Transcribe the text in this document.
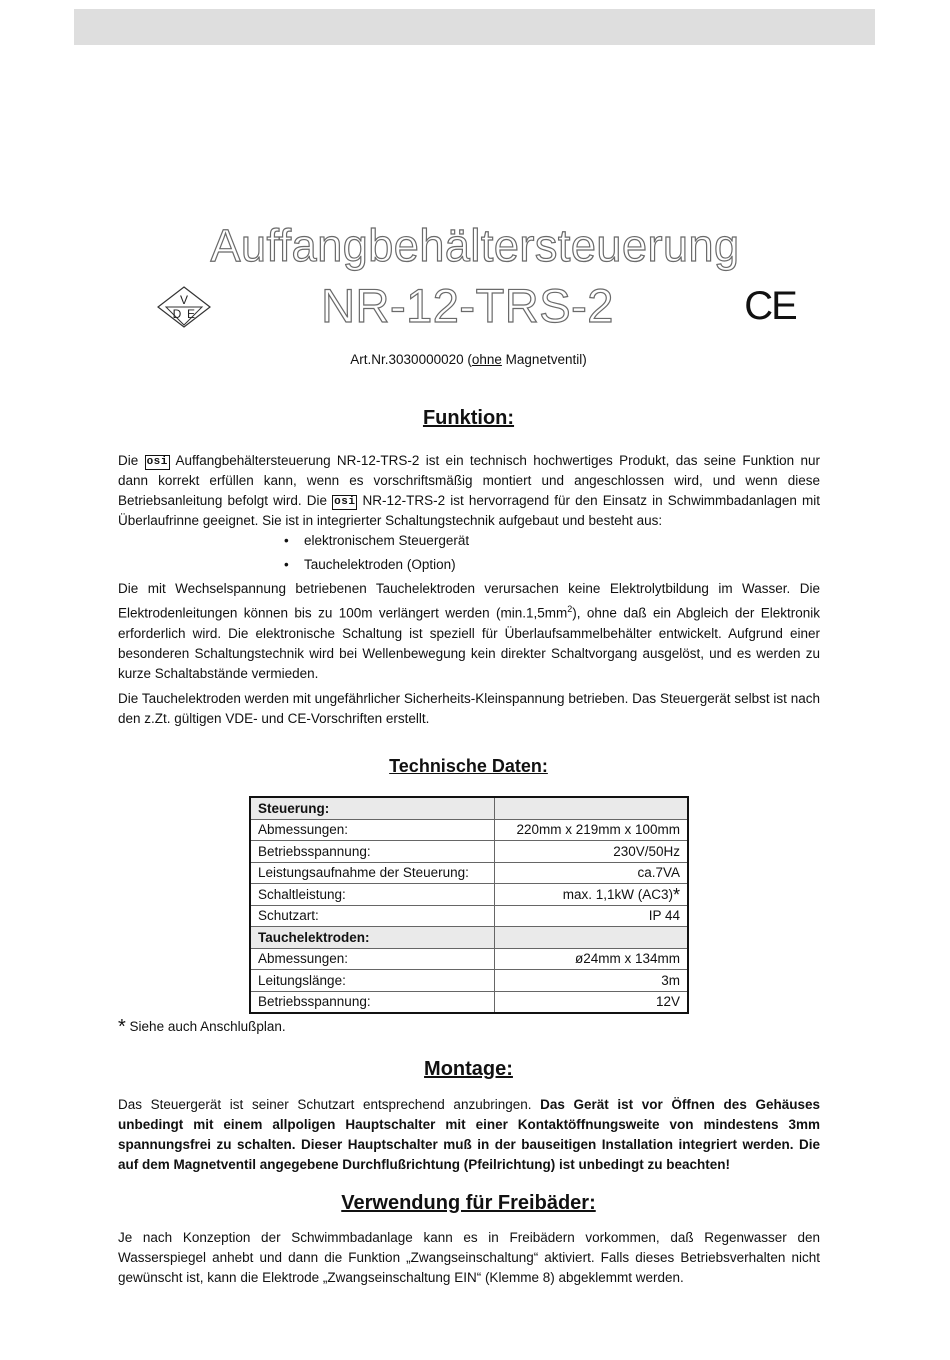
Auffangbehältersteuerung
V
D E	NR-12-TRS-2	CE
Art.Nr.3030000020 (ohne Magnetventil)
Funktion:

Die osi Auffangbehältersteuerung NR-12-TRS-2 ist ein technisch hochwertiges Produkt, das seine Funktion nur dann korrekt erfüllen kann, wenn es vorschriftsmäßig montiert und angeschlossen wird, und wenn diese Betriebsanleitung befolgt wird. Die osi NR-12-TRS-2 ist hervorragend für den Einsatz in Schwimmbadanlagen mit Überlaufrinne geeignet. Sie ist in integrierter Schaltungstechnik aufgebaut und besteht aus:

• elektronischem Steuergerät
• Tauchelektroden (Option)

Die mit Wechselspannung betriebenen Tauchelektroden verursachen keine Elektrolytbildung im Wasser. Die Elektrodenleitungen können bis zu 100m verlängert werden $(\min.1,5mm^2)$, ohne daß ein Abgleich der Elektronik erforderlich wird. Die elektronische Schaltung ist speziell für Überlaufsammelbehälter entwickelt. Aufgrund einer besonderen Schaltungstechnik wird bei Wellenbewegung kein direkter Schaltvorgang ausgelöst, und es werden zu kurze Schaltabstände vermieden.

Die Tauchelektroden werden mit ungefährlicher Sicherheits-Kleinspannung betrieben. Das Steuergerät selbst ist nach den z.Zt. gültigen VDE- und CE-Vorschriften erstellt.

Technische Daten:
Steuerung:	
Abmessungen:	220mm x 219mm x 100mm
Betriebsspannung:	230V/50Hz
Leistungsaufnahme der Steuerung:	ca.7VA
Schaltleistung:	max. 1,1kW (AC3)*
Schutzart:	IP 44
Tauchelektroden:	
Abmessungen:	ø24mm x 134mm
Leitungslänge:	3m
Betriebsspannung:	12V
* Siehe auch Anschlußplan.
Montage:

Das Steuergerät ist seiner Schutzart entsprechend anzubringen. Das Gerät ist vor Öffnen des Gehäuses unbedingt mit einem allpoligen Hauptschalter mit einer Kontaktöffnungsweite von mindestens 3mm spannungsfrei zu schalten. Dieser Hauptschalter muß in der bauseitigen Installation integriert werden. Die auf dem Magnetventil angegebene Durchflußrichtung (Pfeilrichtung) ist unbedingt zu beachten!

Verwendung für Freibäder:

Je nach Konzeption der Schwimmbadanlage kann es in Freibädern vorkommen, daß Regenwasser den Wasserspiegel anhebt und dann die Funktion „Zwangseinschaltung“ aktiviert. Falls dieses Betriebsverhalten nicht gewünscht ist, kann die Elektrode „Zwangseinschaltung EIN“ (Klemme 8) abgeklemmt werden.
